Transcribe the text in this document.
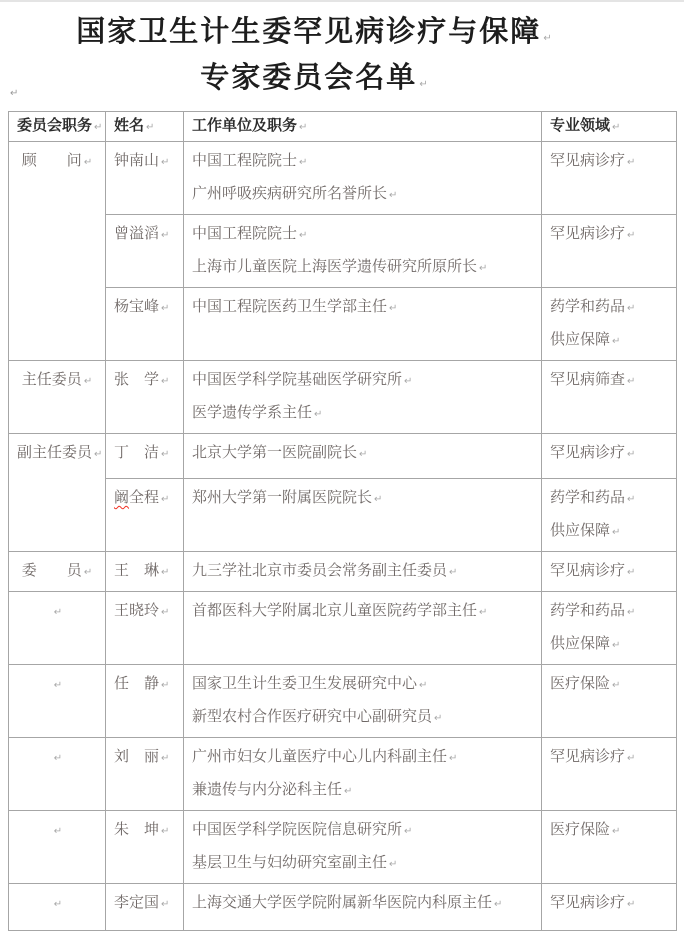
国家卫生计生委罕见病诊疗与保障 ↵
专家委员会名单 ↵
↵
委员会职务 ↵	姓名 ↵	工作单位及职务 ↵	专业领域 ↵
顾　　问 ↵	钟南山 ↵	中国工程院院士 ↵
广州呼吸疾病研究所名誉所长 ↵	罕见病诊疗 ↵

	曾溢滔 ↵	中国工程院院士 ↵
上海市儿童医院上海医学遗传研究所原所长 ↵	罕见病诊疗 ↵

	杨宝峰 ↵	中国工程院医药卫生学部主任 ↵	药学和药品 ↵
供应保障 ↵

主任委员 ↵	张　学 ↵	中国医学科学院基础医学研究所 ↵
医学遗传学系主任 ↵	罕见病筛查 ↵

副主任委员 ↵	丁　洁 ↵	北京大学第一医院副院长 ↵	罕见病诊疗 ↵

	阚全程 ↵	郑州大学第一附属医院院长 ↵	药学和药品 ↵
供应保障 ↵

委　　员 ↵	王　琳 ↵	九三学社北京市委员会常务副主任委员 ↵	罕见病诊疗 ↵

↵	王晓玲 ↵	首都医科大学附属北京儿童医院药学部主任 ↵	药学和药品 ↵
供应保障 ↵

↵	任　静 ↵	国家卫生计生委卫生发展研究中心 ↵
新型农村合作医疗研究中心副研究员 ↵	医疗保险 ↵

↵	刘　丽 ↵	广州市妇女儿童医疗中心儿内科副主任 ↵
兼遗传与内分泌科主任 ↵	罕见病诊疗 ↵

↵	朱　坤 ↵	中国医学科学院医院信息研究所 ↵
基层卫生与妇幼研究室副主任 ↵	医疗保险 ↵

↵	李定国 ↵	上海交通大学医学院附属新华医院内科原主任 ↵	罕见病诊疗 ↵
